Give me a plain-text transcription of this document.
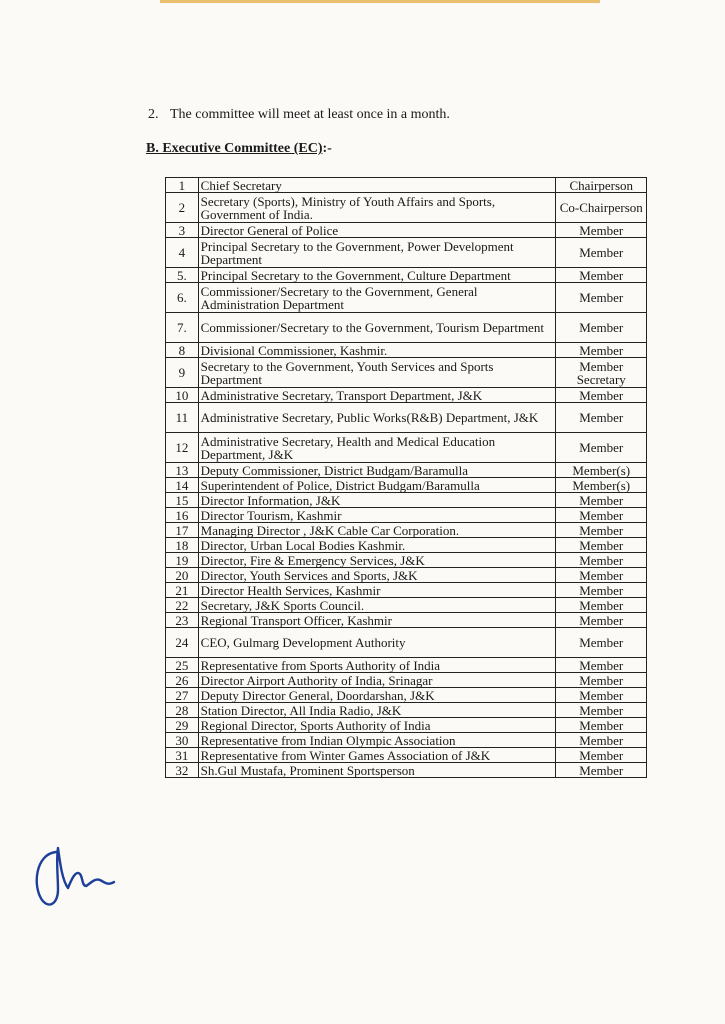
2. The committee will meet at least once in a month.
B. Executive Committee (EC):-
1	Chief Secretary	Chairperson
2	Secretary (Sports), Ministry of Youth Affairs and Sports, Government of India.	Co-Chairperson
3	Director General of Police	Member
4	Principal Secretary to the Government, Power Development Department	Member
5.	Principal Secretary to the Government, Culture Department	Member
6.	Commissioner/Secretary to the Government, General Administration Department	Member
7.	Commissioner/Secretary to the Government, Tourism Department	Member
8	Divisional Commissioner, Kashmir.	Member
9	Secretary to the Government, Youth Services and Sports Department	Member Secretary
10	Administrative Secretary, Transport Department, J&K	Member
11	Administrative Secretary, Public Works(R&B) Department, J&K	Member
12	Administrative Secretary, Health and Medical Education Department, J&K	Member
13	Deputy Commissioner, District Budgam/Baramulla	Member(s)
14	Superintendent of Police, District Budgam/Baramulla	Member(s)
15	Director Information, J&K	Member
16	Director Tourism, Kashmir	Member
17	Managing Director , J&K Cable Car Corporation.	Member
18	Director, Urban Local Bodies Kashmir.	Member
19	Director, Fire & Emergency Services, J&K	Member
20	Director, Youth Services and Sports, J&K	Member
21	Director Health Services, Kashmir	Member
22	Secretary, J&K Sports Council.	Member
23	Regional Transport Officer, Kashmir	Member
24	CEO, Gulmarg Development Authority	Member
25	Representative from Sports Authority of India	Member
26	Director Airport Authority of India, Srinagar	Member
27	Deputy Director General, Doordarshan, J&K	Member
28	Station Director, All India Radio, J&K	Member
29	Regional Director, Sports Authority of India	Member
30	Representative from Indian Olympic Association	Member
31	Representative from Winter Games Association of J&K	Member
32	Sh.Gul Mustafa, Prominent Sportsperson	Member
